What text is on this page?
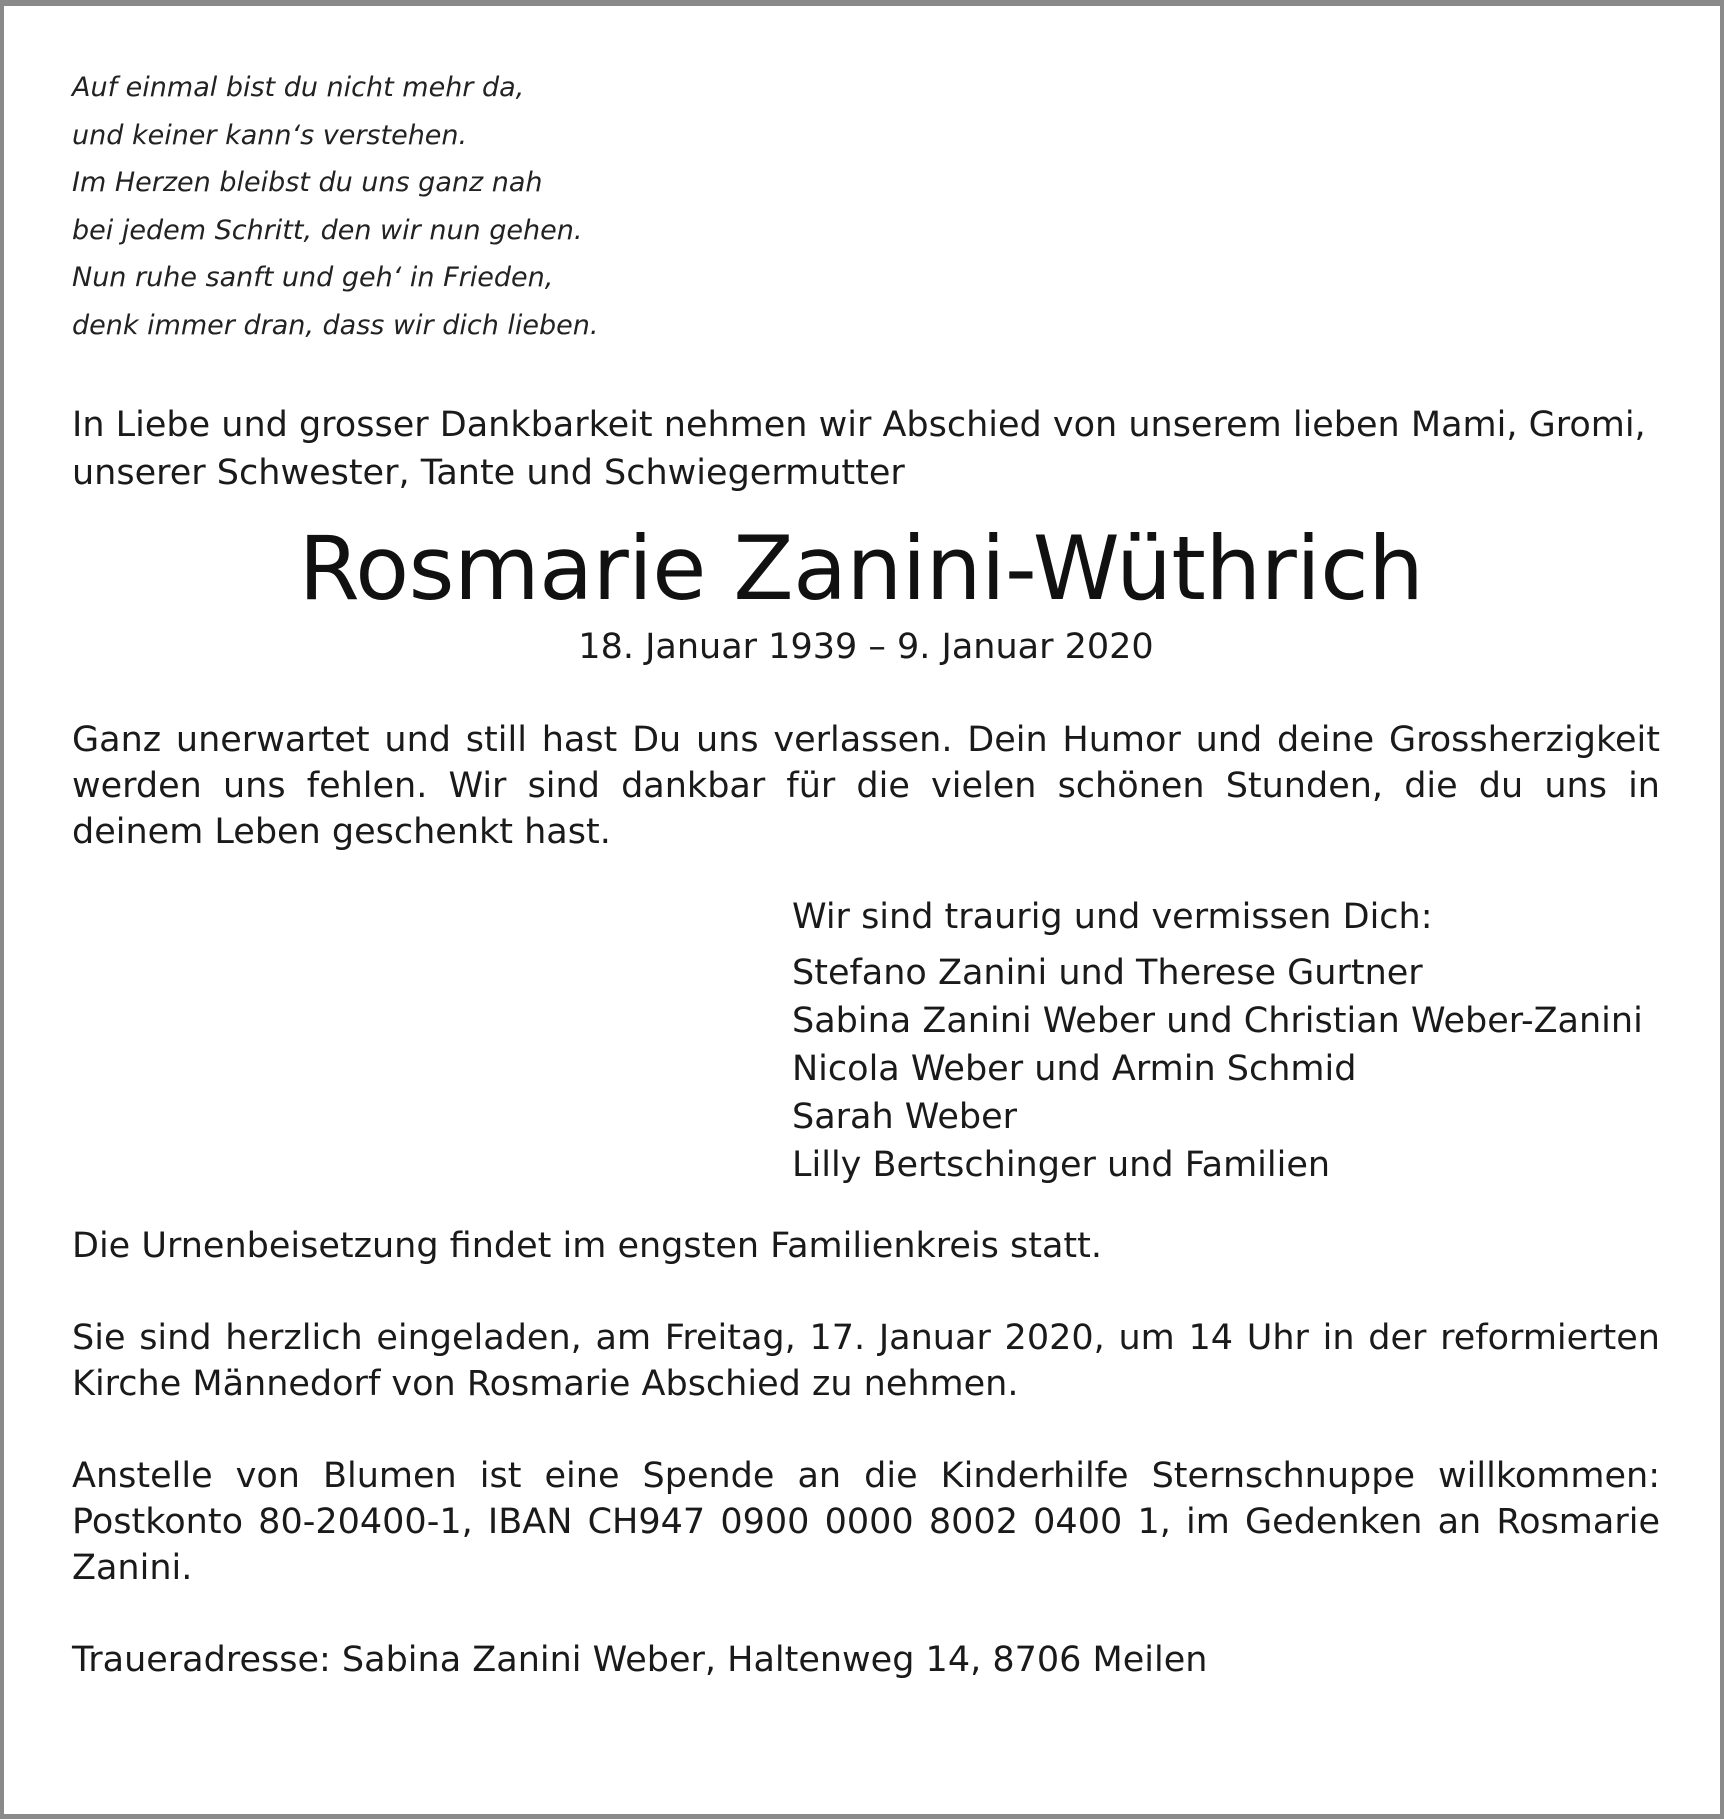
Auf einmal bist du nicht mehr da,
und keiner kann‘s verstehen.
Im Herzen bleibst du uns ganz nah
bei jedem Schritt, den wir nun gehen.
Nun ruhe sanft und geh‘ in Frieden,
denk immer dran, dass wir dich lieben.
In Liebe und grosser Dankbarkeit nehmen wir Abschied von unserem lieben Mami, Gromi, unserer Schwester, Tante und Schwiegermutter
Rosmarie Zanini-Wüthrich
18. Januar 1939 – 9. Januar 2020
Ganz unerwartet und still hast Du uns verlassen. Dein Humor und deine Grossherzigkeit werden uns fehlen. Wir sind dankbar für die vielen schönen Stunden, die du uns in deinem Leben geschenkt hast.
Wir sind traurig und vermissen Dich:
Stefano Zanini und Therese Gurtner
Sabina Zanini Weber und Christian Weber-Zanini
Nicola Weber und Armin Schmid
Sarah Weber
Lilly Bertschinger und Familien
Die Urnenbeisetzung findet im engsten Familienkreis statt.
Sie sind herzlich eingeladen, am Freitag, 17. Januar 2020, um 14 Uhr in der reformierten Kirche Männedorf von Rosmarie Abschied zu nehmen.
Anstelle von Blumen ist eine Spende an die Kinderhilfe Sternschnuppe willkommen: Postkonto 80-20400-1, IBAN CH947 0900 0000 8002 0400 1, im Gedenken an Rosmarie Zanini.
Traueradresse: Sabina Zanini Weber, Haltenweg 14, 8706 Meilen
